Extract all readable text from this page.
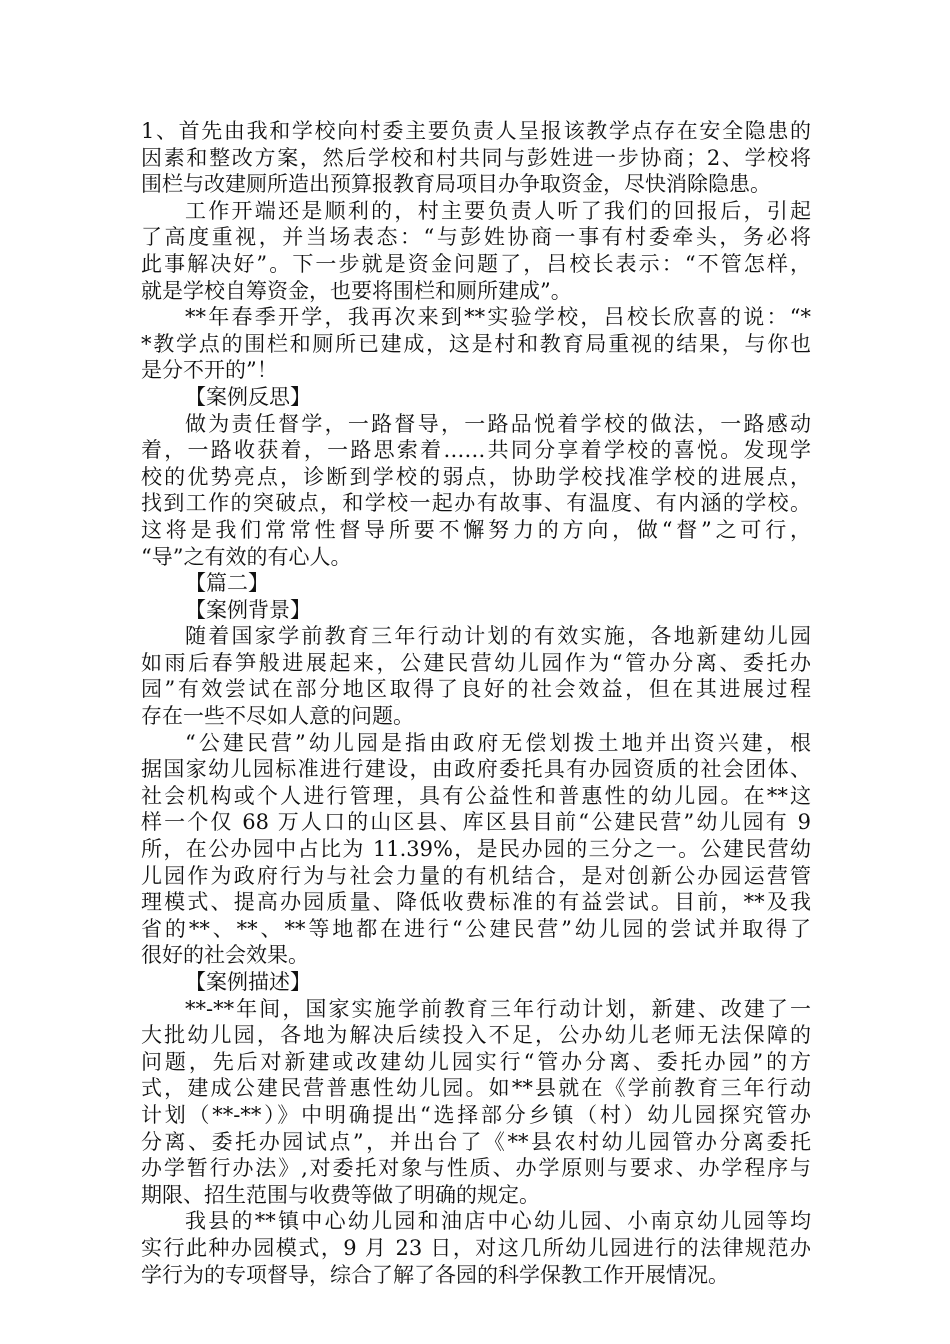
1、首先由我和学校向村委主要负责人呈报该教学点存在安全隐患的
因素和整改方案，然后学校和村共同与彭姓进一步协商；2、学校将
围栏与改建厕所造出预算报教育局项目办争取资金，尽快消除隐患。
工作开端还是顺利的，村主要负责人听了我们的回报后，引起
了高度重视，并当场表态：“与彭姓协商一事有村委牵头，务必将
此事解决好”。下一步就是资金问题了，吕校长表示：“不管怎样，
就是学校自筹资金，也要将围栏和厕所建成”。
**年春季开学，我再次来到**实验学校，吕校长欣喜的说：“*
*教学点的围栏和厕所已建成，这是村和教育局重视的结果，与你也
是分不开的”！
【案例反思】
做为责任督学，一路督导，一路品悦着学校的做法，一路感动
着，一路收获着，一路思索着……共同分享着学校的喜悦。发现学
校的优势亮点，诊断到学校的弱点，协助学校找准学校的进展点，
找到工作的突破点，和学校一起办有故事、有温度、有内涵的学校。
这将是我们常常性督导所要不懈努力的方向，做“督”之可行，
“导”之有效的有心人。
【篇二】
【案例背景】
随着国家学前教育三年行动计划的有效实施，各地新建幼儿园
如雨后春笋般进展起来，公建民营幼儿园作为“管办分离、委托办
园”有效尝试在部分地区取得了良好的社会效益，但在其进展过程
存在一些不尽如人意的问题。
“公建民营”幼儿园是指由政府无偿划拨土地并出资兴建，根
据国家幼儿园标准进行建设，由政府委托具有办园资质的社会团体、
社会机构或个人进行管理，具有公益性和普惠性的幼儿园。在**这
样一个仅 68 万人口的山区县、库区县目前“公建民营”幼儿园有 9
所，在公办园中占比为 11.39%，是民办园的三分之一。公建民营幼
儿园作为政府行为与社会力量的有机结合，是对创新公办园运营管
理模式、提高办园质量、降低收费标准的有益尝试。目前，**及我
省的**、**、**等地都在进行“公建民营”幼儿园的尝试并取得了
很好的社会效果。
【案例描述】
**-**年间，国家实施学前教育三年行动计划，新建、改建了一
大批幼儿园，各地为解决后续投入不足，公办幼儿老师无法保障的
问题，先后对新建或改建幼儿园实行“管办分离、委托办园”的方
式，建成公建民营普惠性幼儿园。如**县就在《学前教育三年行动
计划（**-**）》中明确提出“选择部分乡镇（村）幼儿园探究管办
分离、委托办园试点”，并出台了《**县农村幼儿园管办分离委托
办学暂行办法》,对委托对象与性质、办学原则与要求、办学程序与
期限、招生范围与收费等做了明确的规定。
我县的**镇中心幼儿园和油店中心幼儿园、小南京幼儿园等均
实行此种办园模式，9 月 23 日，对这几所幼儿园进行的法律规范办
学行为的专项督导，综合了解了各园的科学保教工作开展情况。
